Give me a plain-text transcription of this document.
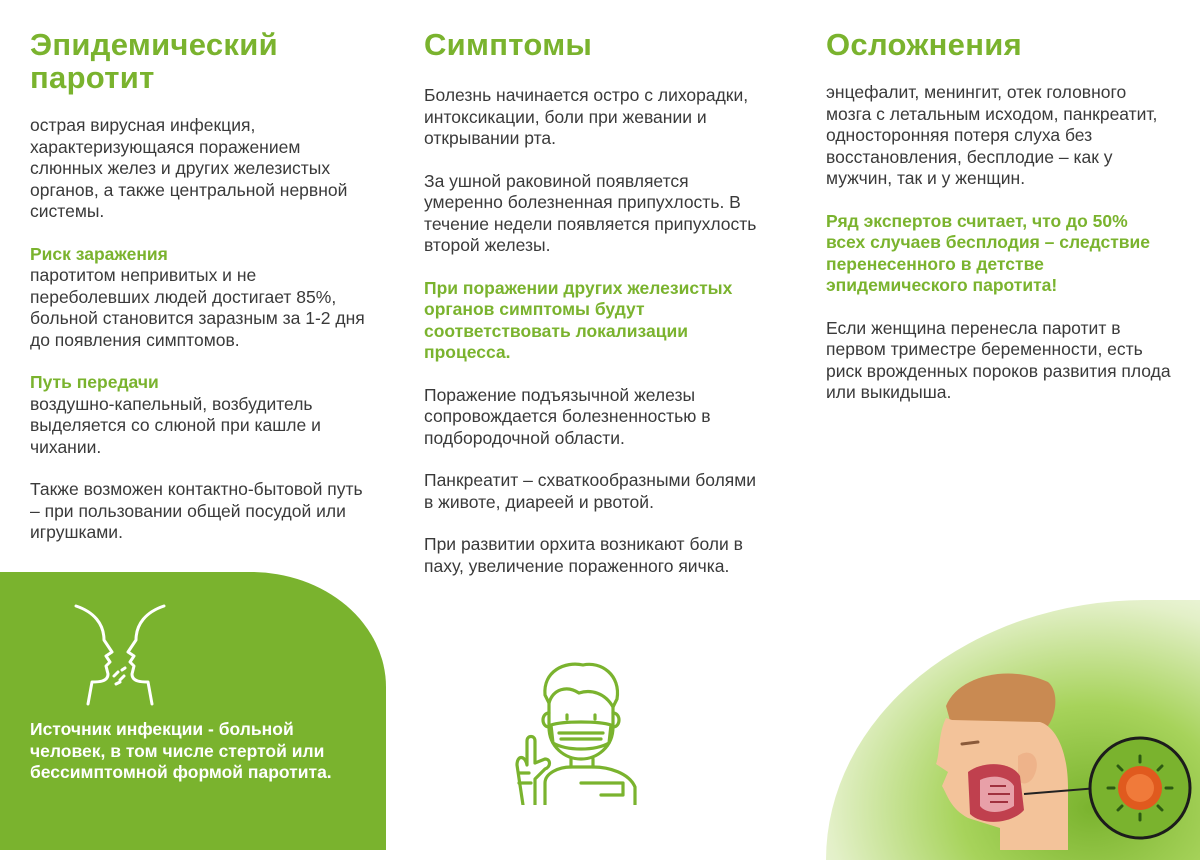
Эпидемический
паротит

острая вирусная инфекция, характеризующаяся поражением слюнных желез и других железистых органов, а также центральной нервной системы.

Риск заражения

паротитом непривитых и не переболевших людей достигает 85%, больной становится заразным за 1-2 дня до появления симптомов.

Путь передачи

воздушно-капельный, возбудитель выделяется со слюной при кашле и чихании.

Также возможен контактно-бытовой путь – при пользовании общей посудой или игрушками.

Источник инфекции - больной человек, в том числе стертой или бессимптомной формой паротита.
Симптомы

Болезнь начинается остро с лихорадки, интоксикации, боли при жевании и открывании рта.

За ушной раковиной появляется умеренно болезненная припухлость. В течение недели появляется припухлость второй железы.

При поражении других железистых органов симптомы будут соответствовать локализации процесса.

Поражение подъязычной железы сопровождается болезненностью в подбородочной области.

Панкреатит – схваткообразными болями в животе, диареей и рвотой.

При развитии орхита возникают боли в паху, увеличение пораженного яичка.

Осложнения

энцефалит, менингит, отек головного мозга с летальным исходом, панкреатит, односторонняя потеря слуха без восстановления, бесплодие – как у мужчин, так и у женщин.

Ряд экспертов считает, что до 50% всех случаев бесплодия – следствие перенесенного в детстве эпидемического паротита!

Если женщина перенесла паротит в первом триместре беременности, есть риск врожденных пороков развития плода или выкидыша.
